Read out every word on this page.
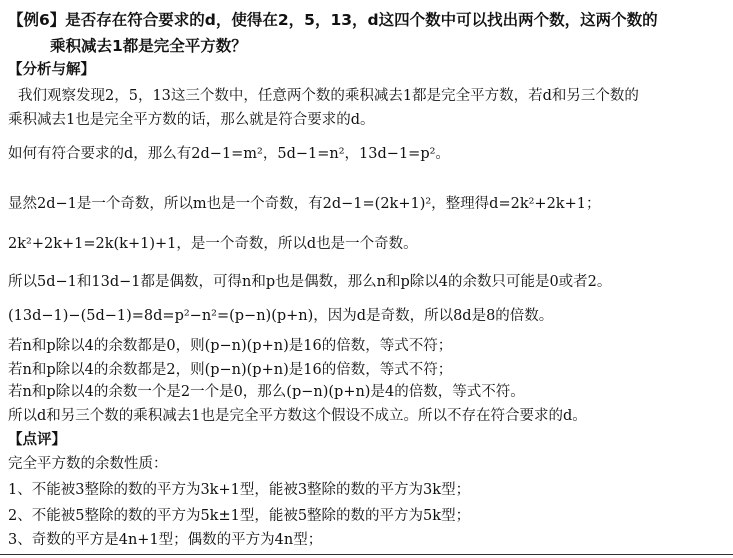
【例6】是否存在符合要求的d，使得在2，5，13，d这四个数中可以找出两个数，这两个数的
乘积减去1都是完全平方数？
【分析与解】
我们观察发现2，5，13这三个数中，任意两个数的乘积减去1都是完全平方数，若d和另三个数的
乘积减去1也是完全平方数的话，那么就是符合要求的d。
如何有符合要求的d，那么有2d−1=m²，5d−1=n²，13d−1=p²。
显然2d−1是一个奇数，所以m也是一个奇数，有2d−1=(2k+1)²，整理得d=2k²+2k+1；
2k²+2k+1=2k(k+1)+1，是一个奇数，所以d也是一个奇数。
所以5d−1和13d−1都是偶数，可得n和p也是偶数，那么n和p除以4的余数只可能是0或者2。
(13d−1)−(5d−1)=8d=p²−n²=(p−n)(p+n)，因为d是奇数，所以8d是8的倍数。
若n和p除以4的余数都是0，则(p−n)(p+n)是16的倍数，等式不符；
若n和p除以4的余数都是2，则(p−n)(p+n)是16的倍数，等式不符；
若n和p除以4的余数一个是2一个是0，那么(p−n)(p+n)是4的倍数，等式不符。
所以d和另三个数的乘积减去1也是完全平方数这个假设不成立。所以不存在符合要求的d。
【点评】
完全平方数的余数性质：
1、不能被3整除的数的平方为3k+1型，能被3整除的数的平方为3k型；
2、不能被5整除的数的平方为5k±1型，能被5整除的数的平方为5k型；
3、奇数的平方是4n+1型；偶数的平方为4n型；
